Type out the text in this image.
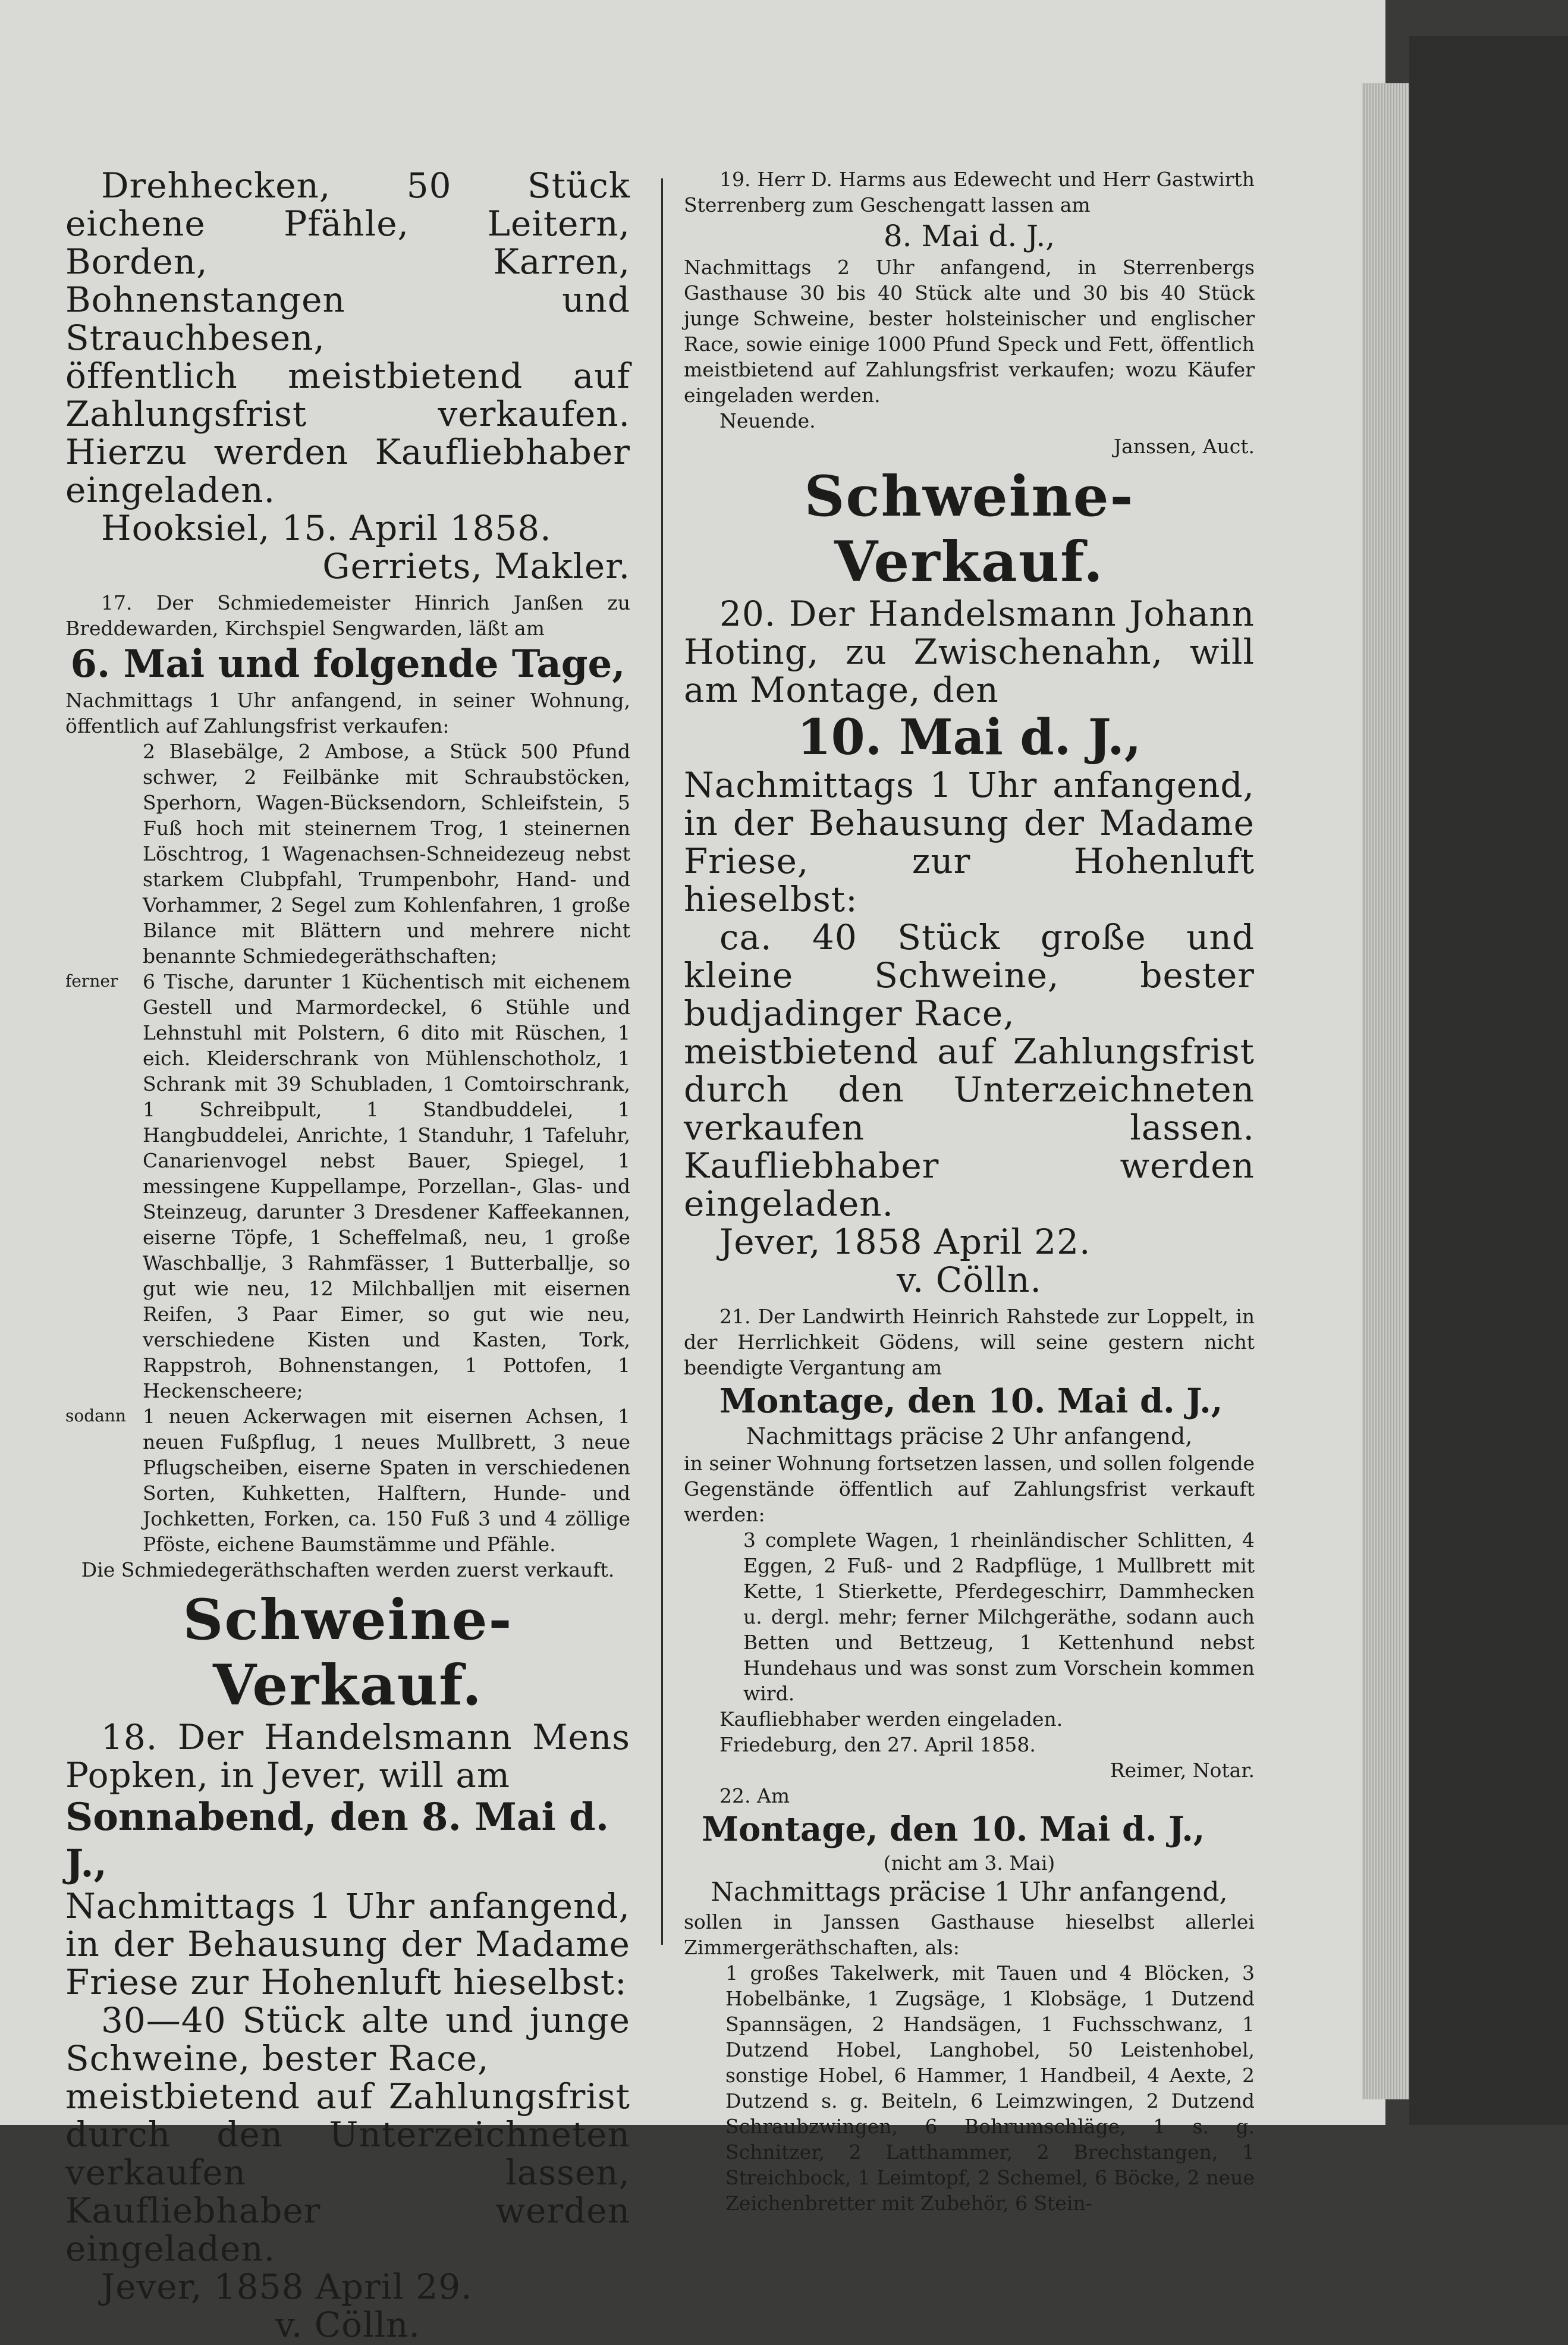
Drehhecken, 50 Stück eichene Pfähle, Leitern, Borden, Karren, Bohnenstangen und Strauchbesen,

öffentlich meistbietend auf Zahlungsfrist verkaufen. Hierzu werden Kaufliebhaber eingeladen.

Hooksiel, 15. April 1858.

Gerriets, Makler.

17. Der Schmiedemeister Hinrich Janßen zu Breddewarden, Kirchspiel Sengwarden, läßt am

6. Mai und folgende Tage,

Nachmittags 1 Uhr anfangend, in seiner Wohnung, öffentlich auf Zahlungsfrist verkaufen:

2 Blasebälge, 2 Ambose, a Stück 500 Pfund schwer, 2 Feilbänke mit Schraubstöcken, Sperhorn, Wagen-Bücksendorn, Schleifstein, 5 Fuß hoch mit steinernem Trog, 1 steinernen Löschtrog, 1 Wagenachsen-Schneidezeug nebst starkem Clubpfahl, Trumpenbohr, Hand- und Vorhammer, 2 Segel zum Kohlenfahren, 1 große Bilance mit Blättern und mehrere nicht benannte Schmiedegeräthschaften;

ferner	6 Tische, darunter 1 Küchentisch mit eichenem Gestell und Marmordeckel, 6 Stühle und Lehnstuhl mit Polstern, 6 dito mit Rüschen, 1 eich. Kleiderschrank von Mühlenschotholz, 1 Schrank mit 39 Schubladen, 1 Comtoirschrank, 1 Schreibpult, 1 Standbuddelei, 1 Hangbuddelei, Anrichte, 1 Standuhr, 1 Tafeluhr, Canarienvogel nebst Bauer, Spiegel, 1 messingene Kuppellampe, Porzellan-, Glas- und Steinzeug, darunter 3 Dresdener Kaffeekannen, eiserne Töpfe, 1 Scheffelmaß, neu, 1 große Waschballje, 3 Rahmfässer, 1 Butterballje, so gut wie neu, 12 Milchballjen mit eisernen Reifen, 3 Paar Eimer, so gut wie neu, verschiedene Kisten und Kasten, Tork, Rappstroh, Bohnenstangen, 1 Pottofen, 1 Heckenscheere;

sodann 1 neuen Ackerwagen mit eisernen Achsen, 1 neuen Fußpflug, 1 neues Mullbrett, 3 neue Pflugscheiben, eiserne Spaten in verschiedenen Sorten, Kuhketten, Halftern, Hunde- und Jochketten, Forken, ca. 150 Fuß 3 und 4 zöllige Pföste, eichene Baumstämme und Pfähle.

Die Schmiedegeräthschaften werden zuerst verkauft.

Schweine-Verkauf.

18. Der Handelsmann Mens Popken, in Jever, will am

Sonnabend, den 8. Mai d. J.,

Nachmittags 1 Uhr anfangend, in der Behausung der Madame Friese zur Hohenluft hieselbst:

30—40 Stück alte und junge Schweine, bester Race,

meistbietend auf Zahlungsfrist durch den Unterzeichneten verkaufen lassen, Kaufliebhaber werden eingeladen.

Jever, 1858 April 29.

v. Cölln.

19. Herr D. Harms aus Edewecht und Herr Gastwirth Sterrenberg zum Geschengatt lassen am

8. Mai d. J.,

Nachmittags 2 Uhr anfangend, in Sterrenbergs Gasthause 30 bis 40 Stück alte und 30 bis 40 Stück junge Schweine, bester holsteinischer und englischer Race, sowie einige 1000 Pfund Speck und Fett, öffentlich meistbietend auf Zahlungsfrist verkaufen; wozu Käufer eingeladen werden.

Neuende.

Janssen, Auct.

Schweine-Verkauf.

20. Der Handelsmann Johann Hoting, zu Zwischenahn, will am Montage, den

10. Mai d. J.,

Nachmittags 1 Uhr anfangend, in der Behausung der Madame Friese, zur Hohenluft hieselbst:

ca. 40 Stück große und kleine Schweine, bester budjadinger Race,

meistbietend auf Zahlungsfrist durch den Unterzeichneten verkaufen lassen. Kaufliebhaber werden eingeladen.

Jever, 1858 April 22.

v. Cölln.

21. Der Landwirth Heinrich Rahstede zur Loppelt, in der Herrlichkeit Gödens, will seine gestern nicht beendigte Vergantung am

Montage, den 10. Mai d. J.,

Nachmittags präcise 2 Uhr anfangend,

in seiner Wohnung fortsetzen lassen, und sollen folgende Gegenstände öffentlich auf Zahlungsfrist verkauft werden:

3 complete Wagen, 1 rheinländischer Schlitten, 4 Eggen, 2 Fuß- und 2 Radpflüge, 1 Mullbrett mit Kette, 1 Stierkette, Pferdegeschirr, Dammhecken u. dergl. mehr; ferner Milchgeräthe, sodann auch Betten und Bettzeug, 1 Kettenhund nebst Hundehaus und was sonst zum Vorschein kommen wird.

Kaufliebhaber werden eingeladen.

Friedeburg, den 27. April 1858.

Reimer, Notar.

22. Am

Montage, den 10. Mai d. J.,

(nicht am 3. Mai)

Nachmittags präcise 1 Uhr anfangend,

sollen in Janssen Gasthause hieselbst allerlei Zimmergeräthschaften, als:

1 großes Takelwerk, mit Tauen und 4 Blöcken, 3 Hobelbänke, 1 Zugsäge, 1 Klobsäge, 1 Dutzend Spannsägen, 2 Handsägen, 1 Fuchsschwanz, 1 Dutzend Hobel, Langhobel, 50 Leistenhobel, sonstige Hobel, 6 Hammer, 1 Handbeil, 4 Aexte, 2 Dutzend s. g. Beiteln, 6 Leimzwingen, 2 Dutzend Schraubzwingen, 6 Bohrumschläge, 1 s. g. Schnitzer, 2 Latthammer, 2 Brechstangen, 1 Streichbock, 1 Leimtopf, 2 Schemel, 6 Böcke, 2 neue Zeichenbretter mit Zubehör, 6 Stein-
